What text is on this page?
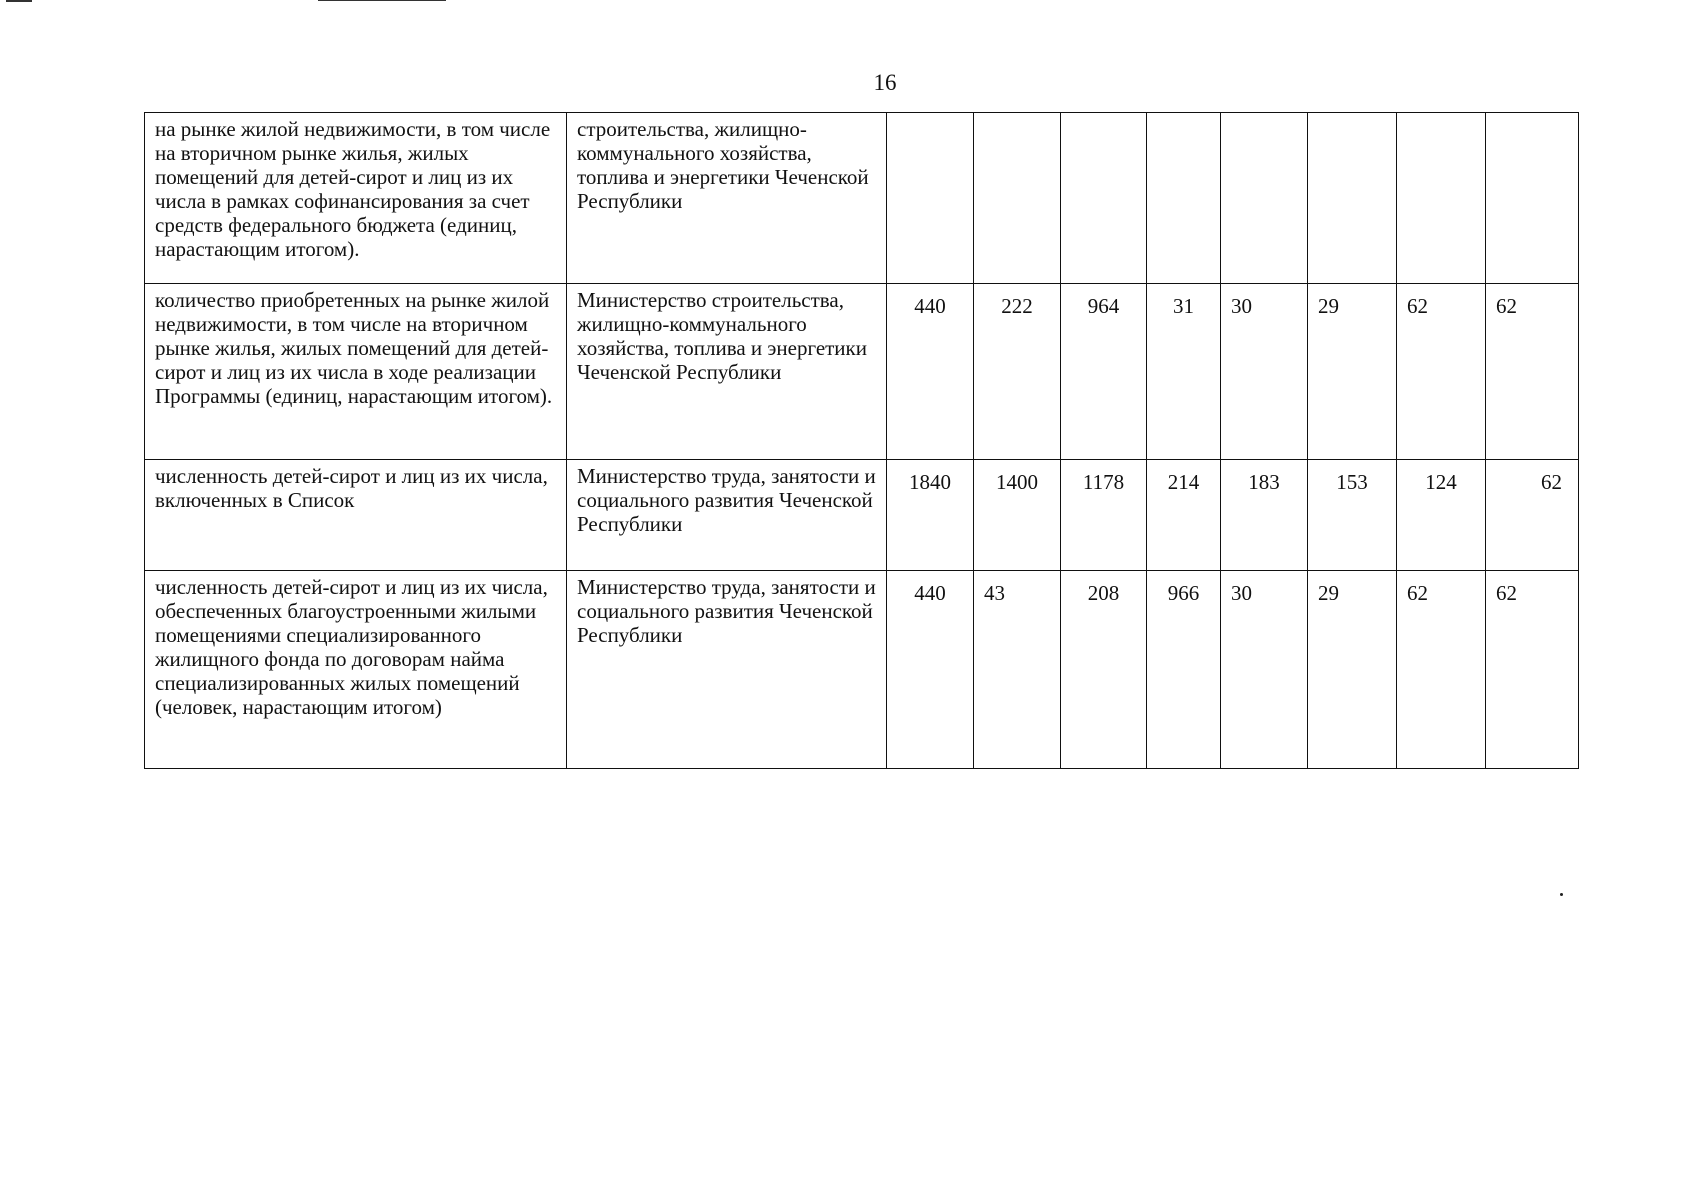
16
на рынке жилой недвижимости, в том числе на вторичном рынке жилья, жилых помещений для детей-сирот и лиц из их числа в рамках софинансирования за счет средств федерального бюджета (единиц, нарастающим итогом).	строительства, жилищно-коммунального хозяйства, топлива и энергетики Чеченской Республики								
количество приобретенных на рынке жилой недвижимости, в том числе на вторичном рынке жилья, жилых помещений для детей-сирот и лиц из их числа в ходе реализации Программы (единиц, нарастающим итогом).	Министерство строительства, жилищно-коммунального хозяйства, топлива и энергетики Чеченской Республики	440	222	964	31	30	29	62	62
численность детей-сирот и лиц из их числа, включенных в Список	Министерство труда, занятости и социального развития Чеченской Республики	1840	1400	1178	214	183	153	124	62
численность детей-сирот и лиц из их числа, обеспеченных благоустроенными жилыми помещениями специализированного жилищного фонда по договорам найма специализированных жилых помещений (человек, нарастающим итогом)	Министерство труда, занятости и социального развития Чеченской Республики	440	43	208	966	30	29	62	62
